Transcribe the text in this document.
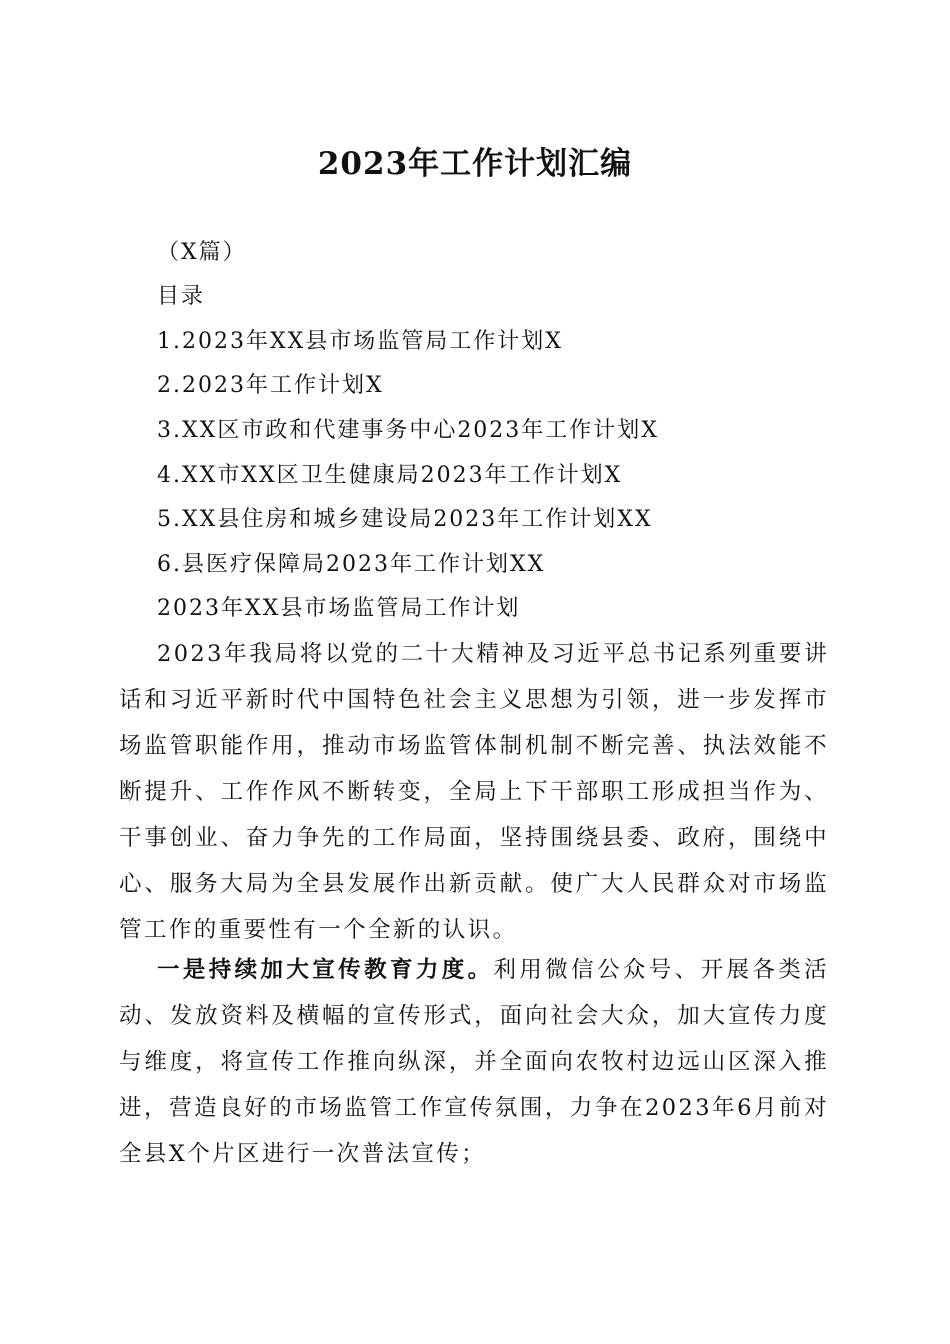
2023年工作计划汇编
（X篇）
目录
1.2023年XX县市场监管局工作计划X
2.2023年工作计划X
3.XX区市政和代建事务中心2023年工作计划X
4.XX市XX区卫生健康局2023年工作计划X
5.XX县住房和城乡建设局2023年工作计划XX
6.县医疗保障局2023年工作计划XX
2023年XX县市场监管局工作计划
2023年我局将以党的二十大精神及习近平总书记系列重要讲话和习近平新时代中国特色社会主义思想为引领，进一步发挥市场监管职能作用，推动市场监管体制机制不断完善、执法效能不断提升、工作作风不断转变，全局上下干部职工形成担当作为、干事创业、奋力争先的工作局面，坚持围绕县委、政府，围绕中心、服务大局为全县发展作出新贡献。使广大人民群众对市场监管工作的重要性有一个全新的认识。
一是持续加大宣传教育力度。利用微信公众号、开展各类活动、发放资料及横幅的宣传形式，面向社会大众，加大宣传力度与维度，将宣传工作推向纵深，并全面向农牧村边远山区深入推进，营造良好的市场监管工作宣传氛围，力争在2023年6月前对全县X个片区进行一次普法宣传；
